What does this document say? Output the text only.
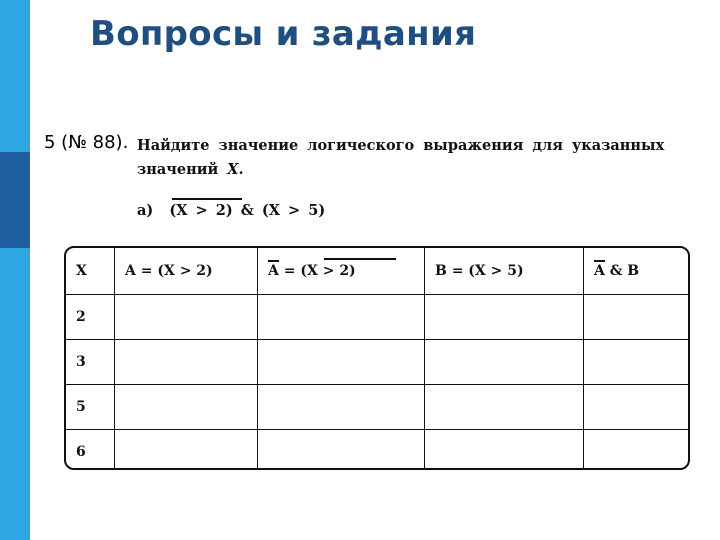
Вопросы и задания
5 (№ 88). Найдите значение логического выражения для указанных
значений X.
а) (X > 2) & (X > 5)
X	A = (X > 2)	A = (X > 2)	B = (X > 5)	A & B
2				
3				
5				
6				
